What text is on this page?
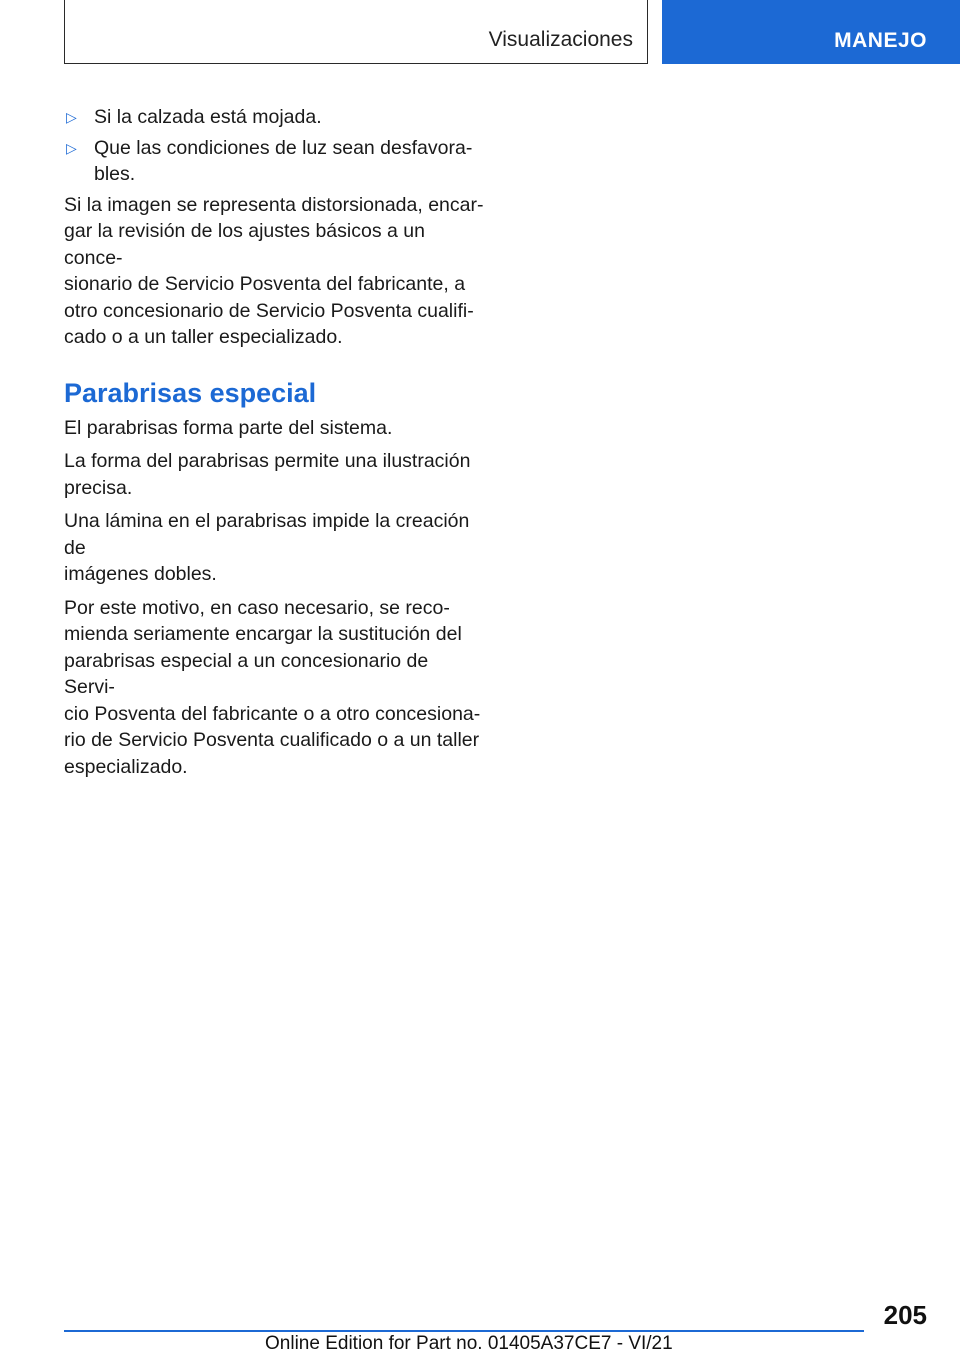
Visualizaciones	MANEJO
▷ Si la calzada está mojada.
▷ Que las condiciones de luz sean desfavora-
bles.

Si la imagen se representa distorsionada, encar-
gar la revisión de los ajustes básicos a un conce-
sionario de Servicio Posventa del fabricante, a
otro concesionario de Servicio Posventa cualifi-
cado o a un taller especializado.

Parabrisas especial

El parabrisas forma parte del sistema.

La forma del parabrisas permite una ilustración
precisa.

Una lámina en el parabrisas impide la creación de
imágenes dobles.

Por este motivo, en caso necesario, se reco-
mienda seriamente encargar la sustitución del
parabrisas especial a un concesionario de Servi-
cio Posventa del fabricante o a otro concesiona-
rio de Servicio Posventa cualificado o a un taller
especializado.

205
Online Edition for Part no. 01405A37CE7 - VI/21
